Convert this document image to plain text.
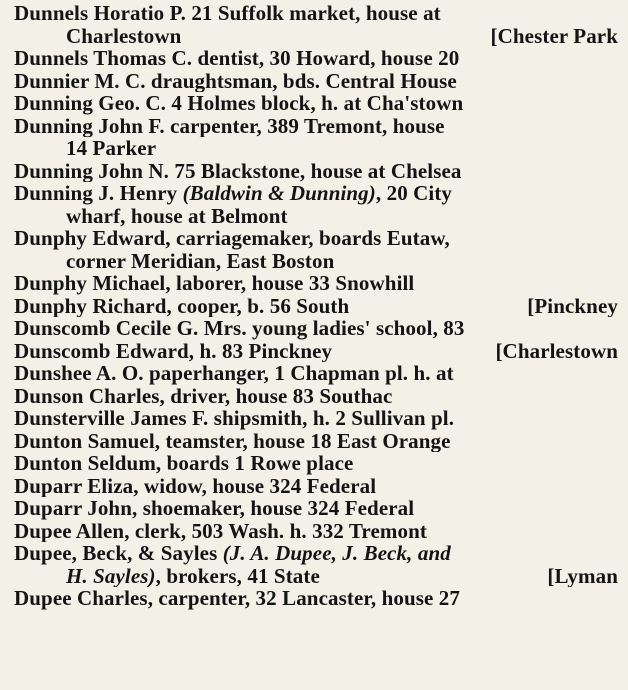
Dunnels Horatio P. 21 Suffolk market, house at
Charlestown	[Chester Park
Dunnels Thomas C. dentist, 30 Howard, house 20
Dunnier M. C. draughtsman, bds. Central House
Dunning Geo. C. 4 Holmes block, h. at Cha'stown
Dunning John F. carpenter, 389 Tremont, house
14 Parker
Dunning John N. 75 Blackstone, house at Chelsea
Dunning J. Henry (Baldwin & Dunning), 20 City
wharf, house at Belmont
Dunphy Edward, carriagemaker, boards Eutaw,
corner Meridian, East Boston
Dunphy Michael, laborer, house 33 Snowhill
Dunphy Richard, cooper, b. 56 South	[Pinckney
Dunscomb Cecile G. Mrs. young ladies' school, 83
Dunscomb Edward, h. 83 Pinckney	[Charlestown
Dunshee A. O. paperhanger, 1 Chapman pl. h. at
Dunson Charles, driver, house 83 Southac
Dunsterville James F. shipsmith, h. 2 Sullivan pl.
Dunton Samuel, teamster, house 18 East Orange
Dunton Seldum, boards 1 Rowe place
Duparr Eliza, widow, house 324 Federal
Duparr John, shoemaker, house 324 Federal
Dupee Allen, clerk, 503 Wash. h. 332 Tremont
Dupee, Beck, & Sayles (J. A. Dupee, J. Beck, and
H. Sayles), brokers, 41 State	[Lyman
Dupee Charles, carpenter, 32 Lancaster, house 27
